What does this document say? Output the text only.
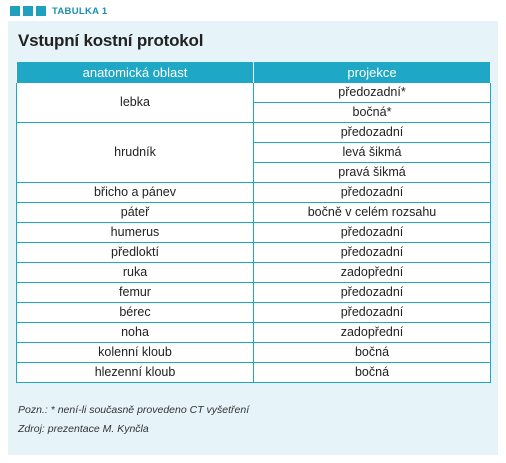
TABULKA 1
Vstupní kostní protokol
anatomická oblast	projekce
lebka	předozadní*
	bočná*
hrudník	předozadní
	levá šikmá
	pravá šikmá
břicho a pánev	předozadní
páteř	bočně v celém rozsahu
humerus	předozadní
předloktí	předozadní
ruka	zadopřední
femur	předozadní
bérec	předozadní
noha	zadopřední
kolenní kloub	bočná
hlezenní kloub	bočná
Pozn.: * není-li současně provedeno CT vyšetření
Zdroj: prezentace M. Kynčla
